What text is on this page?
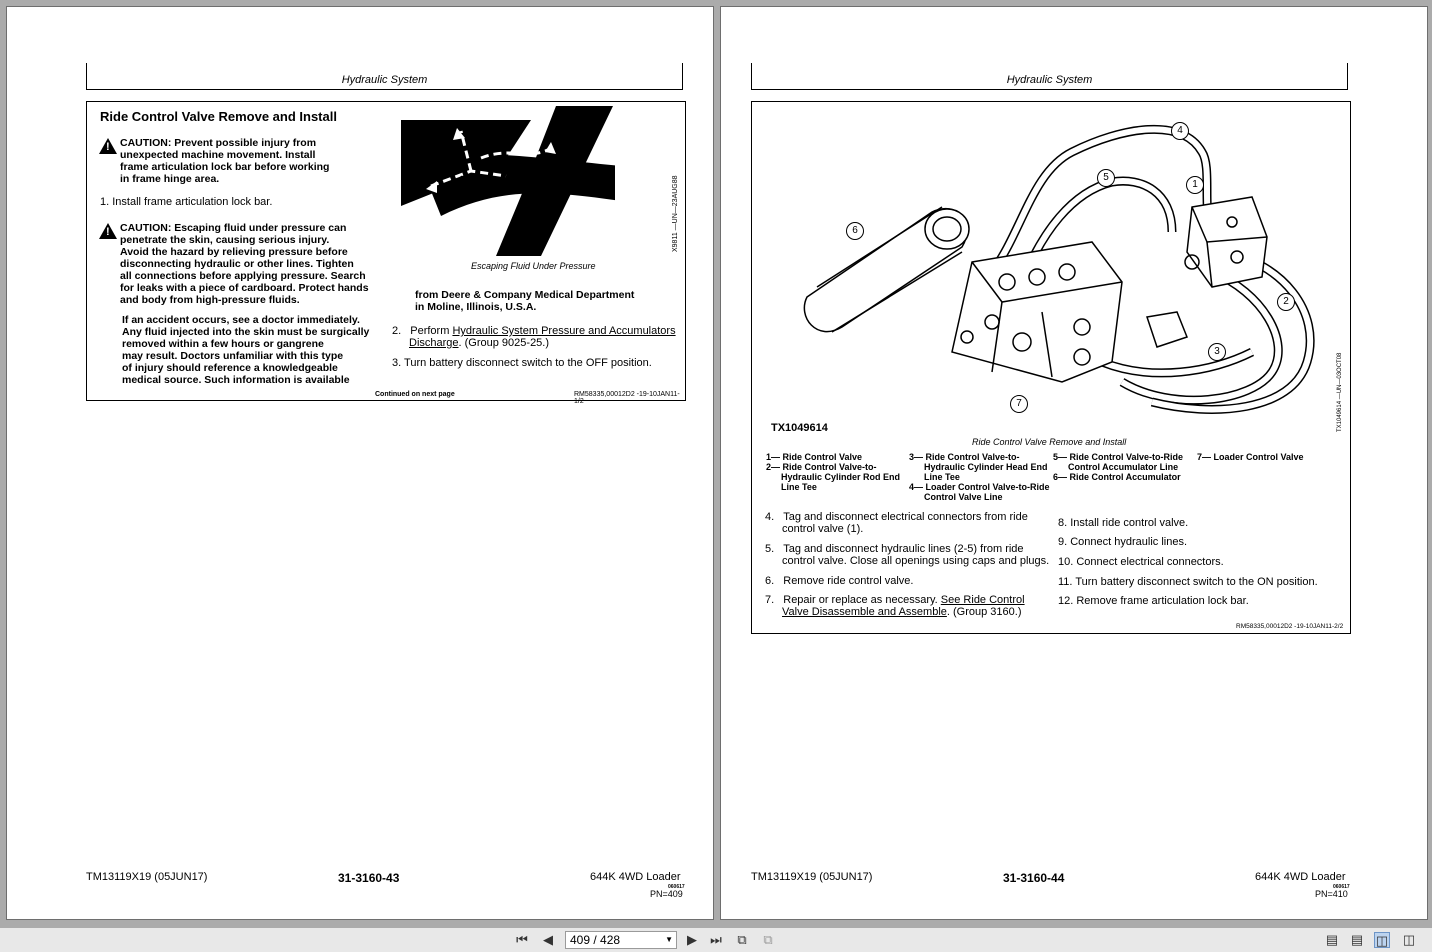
Hydraulic System
Ride Control Valve Remove and Install
!
CAUTION: Prevent possible injury from
unexpected machine movement. Install
frame articulation lock bar before working
in frame hinge area.
1. Install frame articulation lock bar.
!
CAUTION: Escaping fluid under pressure can
penetrate the skin, causing serious injury.
Avoid the hazard by relieving pressure before
disconnecting hydraulic or other lines. Tighten
all connections before applying pressure. Search
for leaks with a piece of cardboard. Protect hands
and body from high-pressure fluids.
If an accident occurs, see a doctor immediately.
Any fluid injected into the skin must be surgically
removed within a few hours or gangrene
may result. Doctors unfamiliar with this type
of injury should reference a knowledgeable
medical source. Such information is available
Escaping Fluid Under Pressure
X9811 —UN—23AUG88
from Deere & Company Medical Department
in Moline, Illinois, U.S.A.
2. Perform Hydraulic System Pressure and Accumulators
Discharge. (Group 9025-25.)
3. Turn battery disconnect switch to the OFF position.
Continued on next page	RM58335,00012D2 -19-10JAN11-1/2
TM13119X19 (05JUN17)	31-3160-43	644K 4WD Loader
060617
PN=409
Hydraulic System
4
5
1
6
2
3
7	TX1049614 —UN—03OCT08
TX1049614
Ride Control Valve Remove and Install
1— Ride Control Valve
2— Ride Control Valve-to-
Hydraulic Cylinder Rod End
Line Tee
3— Ride Control Valve-to-
Hydraulic Cylinder Head End
Line Tee
4— Loader Control Valve-to-Ride
Control Valve Line
5— Ride Control Valve-to-Ride
Control Accumulator Line
6— Ride Control Accumulator
7— Loader Control Valve
4. Tag and disconnect electrical connectors from ride
control valve (1).
5. Tag and disconnect hydraulic lines (2-5) from ride
control valve. Close all openings using caps and plugs.
6. Remove ride control valve.
7. Repair or replace as necessary. See Ride Control
Valve Disassemble and Assemble. (Group 3160.)
8. Install ride control valve.
9. Connect hydraulic lines.
10. Connect electrical connectors.
11. Turn battery disconnect switch to the ON position.
12. Remove frame articulation lock bar.
RM58335,00012D2 -19-10JAN11-2/2
TM13119X19 (05JUN17)	31-3160-44	644K 4WD Loader
060617
PN=410
⏮ ◀	409 / 428	▼ ▶ ⏭ ⧉ ⧉	▤ ▤ ◫ ◫
